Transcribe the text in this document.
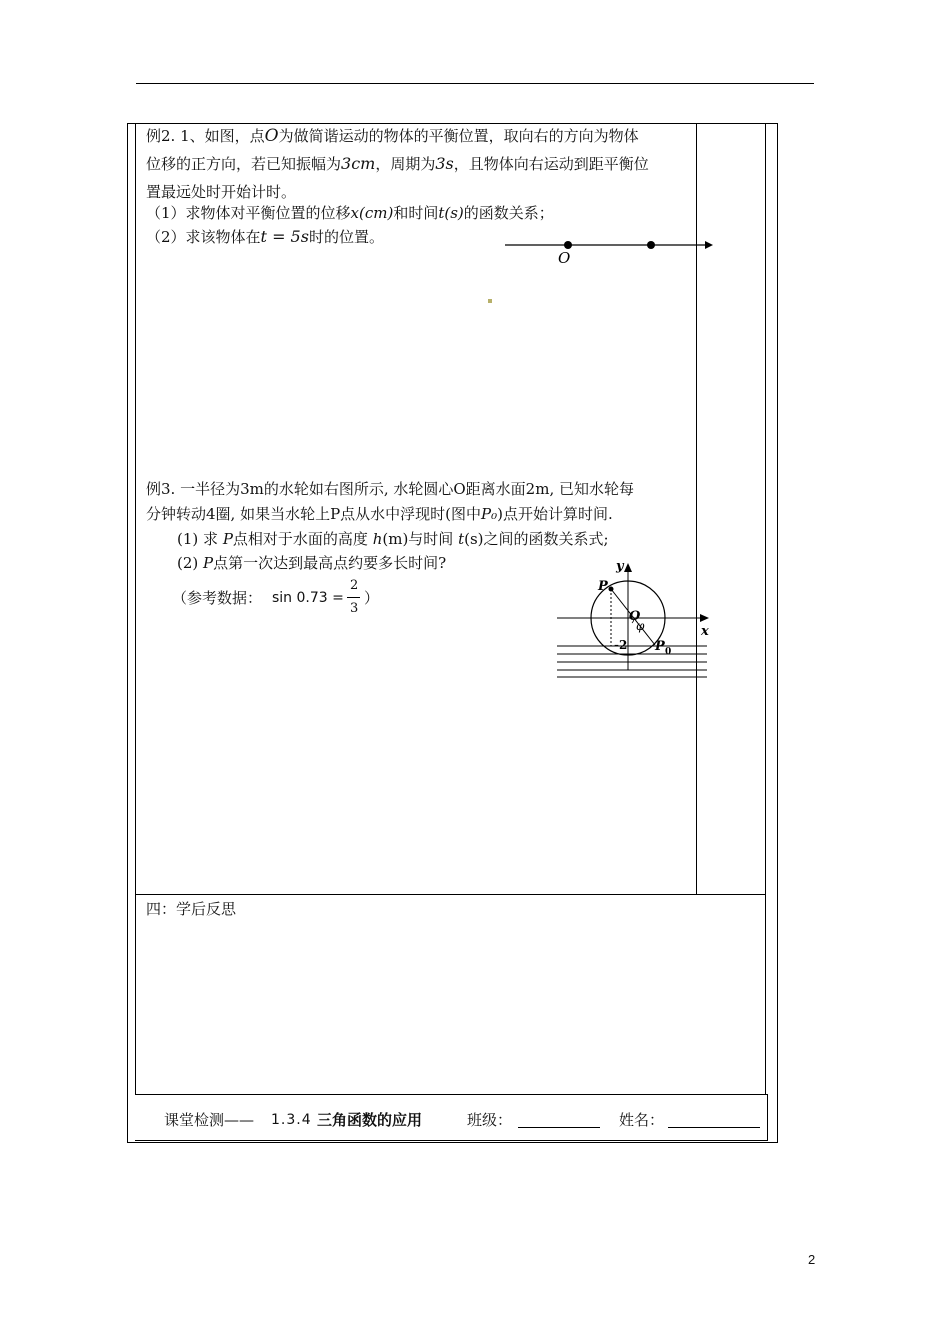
例2. 1、如图，点O为做简谐运动的物体的平衡位置，取向右的方向为物体
位移的正方向，若已知振幅为3cm，周期为3s，且物体向右运动到距平衡位
置最远处时开始计时。
（1）求物体对平衡位置的位移x(cm)和时间t(s)的函数关系；
（2）求该物体在t = 5s时的位置。
O
例3. 一半径为3m的水轮如右图所示, 水轮圆心O距离水面2m, 已知水轮每
分钟转动4圈, 如果当水轮上P点从水中浮现时(图中P₀)点开始计算时间.
(1) 求 P点相对于水面的高度 h(m)与时间 t(s)之间的函数关系式;
(2) P点第一次达到最高点约要多长时间?
（参考数据： sin 0.73 =
2
3
）
y
x
P
O
φ
-2 P 0
四：学后反思
课堂检测—— 1.3.4 三角函数的应用	班级：	姓名：
2
